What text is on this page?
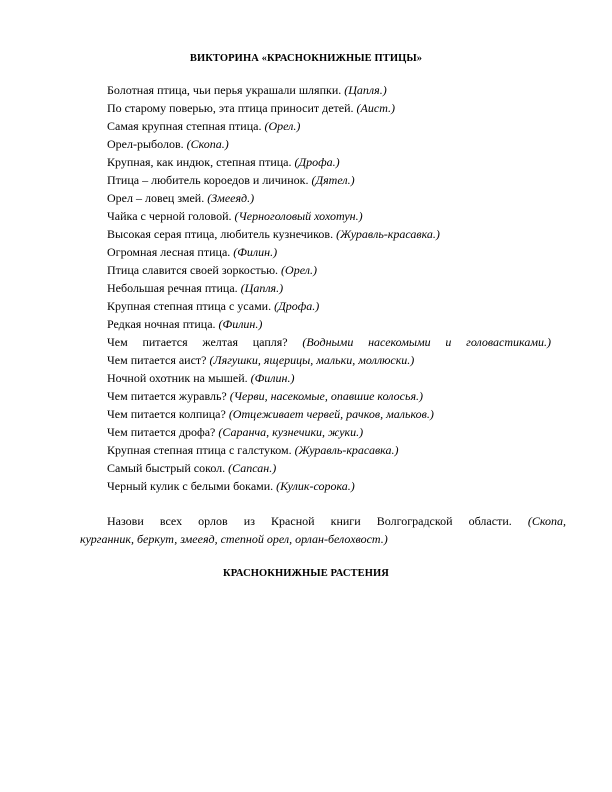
ВИКТОРИНА «КРАСНОКНИЖНЫЕ ПТИЦЫ»
Болотная птица, чьи перья украшали шляпки. (Цапля.)
По старому поверью, эта птица приносит детей. (Аист.)
Самая крупная степная птица. (Орел.)
Орел-рыболов. (Скопа.)
Крупная, как индюк, степная птица. (Дрофа.)
Птица – любитель короедов и личинок. (Дятел.)
Орел – ловец змей. (Змееяд.)
Чайка с черной головой. (Черноголовый хохотун.)
Высокая серая птица, любитель кузнечиков. (Журавль-красавка.)
Огромная лесная птица. (Филин.)
Птица славится своей зоркостью. (Орел.)
Небольшая речная птица. (Цапля.)
Крупная степная птица с усами. (Дрофа.)
Редкая ночная птица. (Филин.)
Чем питается желтая цапля? (Водными насекомыми и головастиками.)
Чем питается аист? (Лягушки, ящерицы, мальки, моллюски.)
Ночной охотник на мышей. (Филин.)
Чем питается журавль? (Черви, насекомые, опавшие колосья.)
Чем питается колпица? (Отцеживает червей, рачков, мальков.)
Чем питается дрофа? (Саранча, кузнечики, жуки.)
Крупная степная птица с галстуком. (Журавль-красавка.)
Самый быстрый сокол. (Сапсан.)
Черный кулик с белыми боками. (Кулик-сорока.)
Назови всех орлов из Красной книги Волгоградской области. (Скопа,
курганник, беркут, змееяд, степной орел, орлан-белохвост.)
КРАСНОКНИЖНЫЕ РАСТЕНИЯ
